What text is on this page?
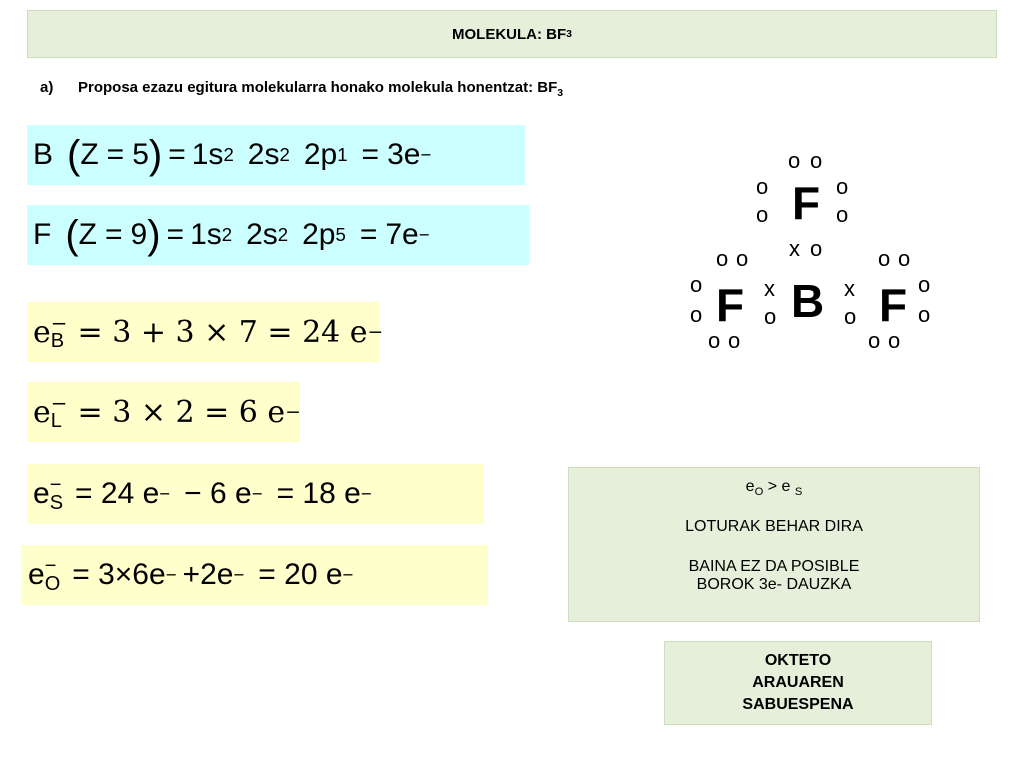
MOLEKULA: BF 3
a) Proposa ezazu egitura molekularra honako molekula honentzat: $BF_3$
B ( Z = 5 ) = 1s 2 2s 2 2p 1 = 3e −
F ( Z = 9 ) = 1s 2 2s 2 2p 5 = 7e −
e −
B = 3 + 3 × 7 = 24 e −
e −
L = 3 × 2 = 6 e −
e −
S = 24 e − − 6 e − = 18 e −
e −
O = 3×6e − +2e − = 20 e −
F
o o
o
o
o
o
x o
B
F
o o
o
o
o o
x
o F
o o
o
o
o o
x
o
$e_O > e$ $_S$
LOTURAK BEHAR DIRA
BAINA EZ DA POSIBLE
BOROK 3e- DAUZKA
OKTETO
ARAUAREN
SABUESPENA
